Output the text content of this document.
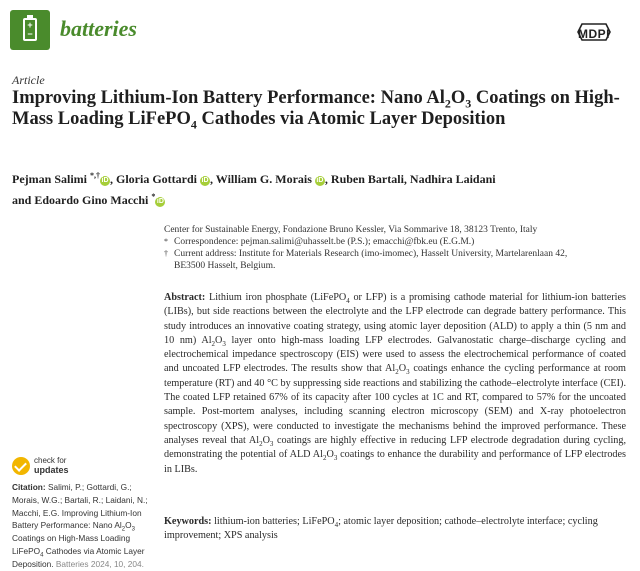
+
−	batteries	MDPI
Article
Improving Lithium-Ion Battery Performance: Nano $Al_2O_3$ Coatings on High-Mass Loading LiFePO$_4$ Cathodes via Atomic Layer Deposition
Pejman Salimi *,†iD , Gloria Gottardi iD , William G. Morais iD , Ruben Bartali, Nadhira Laidani
and Edoardo Gino Macchi *iD
Center for Sustainable Energy, Fondazione Bruno Kessler, Via Sommarive 18, 38123 Trento, Italy
* Correspondence: pejman.salimi@uhasselt.be (P.S.); emacchi@fbk.eu (E.G.M.)
† Current address: Institute for Materials Research (imo-imomec), Hasselt University, Martelarenlaan 42,
BE3500 Hasselt, Belgium.
Abstract: Lithium iron phosphate (LiFePO$_4$ or LFP) is a promising cathode material for lithium-ion batteries (LIBs), but side reactions between the electrolyte and the LFP electrode can degrade battery performance. This study introduces an innovative coating strategy, using atomic layer deposition (ALD) to apply a thin (5 nm and 10 nm) $Al_2O_3$ layer onto high-mass loading LFP electrodes. Galvanostatic charge–discharge cycling and electrochemical impedance spectroscopy (EIS) were used to assess the electrochemical performance of coated and uncoated LFP electrodes. The results show that $Al_2O_3$ coatings enhance the cycling performance at room temperature (RT) and 40 °C by suppressing side reactions and stabilizing the cathode–electrolyte interface (CEI). The coated LFP retained 67% of its capacity after 100 cycles at 1C and RT, compared to 57% for the uncoated sample. Post-mortem analyses, including scanning electron microscopy (SEM) and X-ray photoelectron spectroscopy (XPS), were conducted to investigate the mechanisms behind the improved performance. These analyses reveal that $Al_2O_3$ coatings are highly effective in reducing LFP electrode degradation during cycling, demonstrating the potential of ALD $Al_2O_3$ coatings to enhance the durability and performance of LFP electrodes in LIBs.
Keywords: lithium-ion batteries; LiFePO$_4$; atomic layer deposition; cathode–electrolyte interface; cycling improvement; XPS analysis
check for
updates
Citation: Salimi, P.; Gottardi, G.; Morais, W.G.; Bartali, R.; Laidani, N.; Macchi, E.G. Improving Lithium-Ion Battery Performance: Nano $Al_2O_3$ Coatings on High-Mass Loading LiFePO$_4$ Cathodes via Atomic Layer Deposition. Batteries 2024, 10, 204.
